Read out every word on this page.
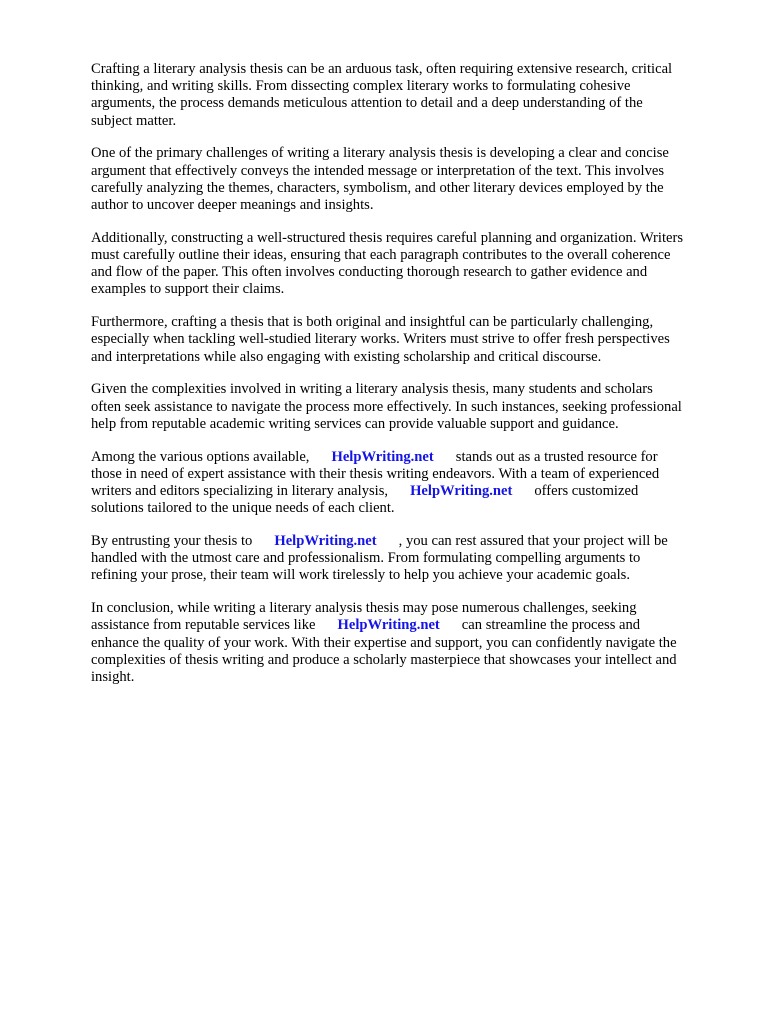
Crafting a literary analysis thesis can be an arduous task, often requiring extensive research, critical
thinking, and writing skills. From dissecting complex literary works to formulating cohesive
arguments, the process demands meticulous attention to detail and a deep understanding of the
subject matter.

One of the primary challenges of writing a literary analysis thesis is developing a clear and concise
argument that effectively conveys the intended message or interpretation of the text. This involves
carefully analyzing the themes, characters, symbolism, and other literary devices employed by the
author to uncover deeper meanings and insights.

Additionally, constructing a well-structured thesis requires careful planning and organization. Writers
must carefully outline their ideas, ensuring that each paragraph contributes to the overall coherence
and flow of the paper. This often involves conducting thorough research to gather evidence and
examples to support their claims.

Furthermore, crafting a thesis that is both original and insightful can be particularly challenging,
especially when tackling well-studied literary works. Writers must strive to offer fresh perspectives
and interpretations while also engaging with existing scholarship and critical discourse.

Given the complexities involved in writing a literary analysis thesis, many students and scholars
often seek assistance to navigate the process more effectively. In such instances, seeking professional
help from reputable academic writing services can provide valuable support and guidance.

Among the various options available, HelpWriting.net stands out as a trusted resource for
those in need of expert assistance with their thesis writing endeavors. With a team of experienced
writers and editors specializing in literary analysis, HelpWriting.net offers customized
solutions tailored to the unique needs of each client.

By entrusting your thesis to HelpWriting.net , you can rest assured that your project will be
handled with the utmost care and professionalism. From formulating compelling arguments to
refining your prose, their team will work tirelessly to help you achieve your academic goals.

In conclusion, while writing a literary analysis thesis may pose numerous challenges, seeking
assistance from reputable services like HelpWriting.net can streamline the process and
enhance the quality of your work. With their expertise and support, you can confidently navigate the
complexities of thesis writing and produce a scholarly masterpiece that showcases your intellect and
insight.
